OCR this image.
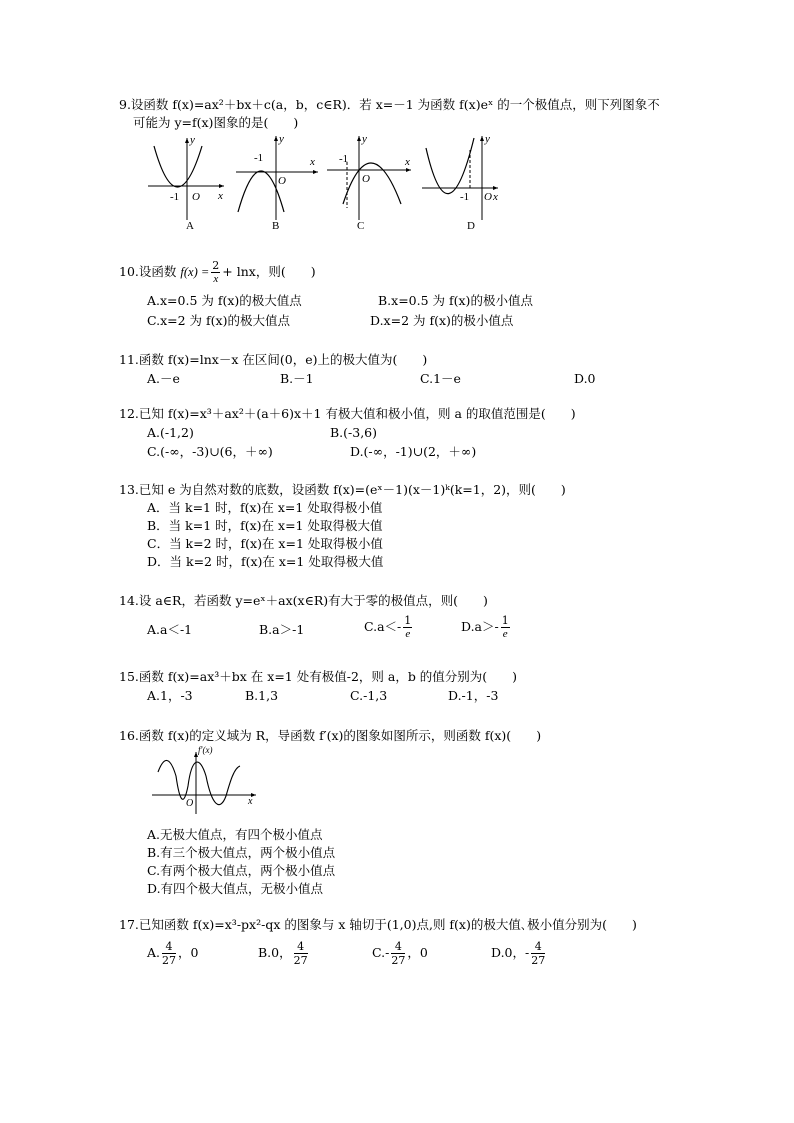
9.设函数 f(x)=ax²＋bx＋c(a，b，c∈R)．若 x=－1 为函数 f(x)eˣ 的一个极值点，则下列图象不
可能为 y=f(x)图象的是(　　)
y
x
O
-1
A
y
x
O
-1
B
y
x
O
-1
C
y
x
O
-1
D
10.设函数 $f(x) = \frac{2}{x} + \ln x$，则(　　)
A.x=0.5 为 f(x)的极大值点	B.x=0.5 为 f(x)的极小值点
C.x=2 为 f(x)的极大值点	D.x=2 为 f(x)的极小值点
11.函数 f(x)=lnx－x 在区间(0，e)上的极大值为(　　)
A.－e	B.－1	C.1－e	D.0
12.已知 f(x)=x³＋ax²＋(a＋6)x＋1 有极大值和极小值，则 a 的取值范围是(　　)
A.(-1,2)	B.(-3,6)
C.(-∞，-3)∪(6，＋∞)	D.(-∞，-1)∪(2，＋∞)
13.已知 e 为自然对数的底数，设函数 f(x)=(eˣ－1)(x－1)ᵏ(k=1，2)，则(　　)
A．当 k=1 时，f(x)在 x=1 处取得极小值
B．当 k=1 时，f(x)在 x=1 处取得极大值
C．当 k=2 时，f(x)在 x=1 处取得极小值
D．当 k=2 时，f(x)在 x=1 处取得极大值
14.设 a∈R，若函数 y=eˣ＋ax(x∈R)有大于零的极值点，则(　　)
A.a＜-1	B.a＞-1	$C.a<- \frac{1}{e}$	$D.a>- \frac{1}{e}$
15.函数 f(x)=ax³＋bx 在 x=1 处有极值-2，则 a，b 的值分别为(　　)
A.1，-3	B.1,3	C.-1,3	D.-1，-3
16.函数 f(x)的定义域为 R，导函数 f′(x)的图象如图所示，则函数 f(x)(　　)
f′(x)
O	x
A.无极大值点，有四个极小值点
B.有三个极大值点，两个极小值点
C.有两个极大值点，两个极小值点
D.有四个极大值点，无极小值点
17.已知函数 f(x)=x³-px²-qx 的图象与 x 轴切于(1,0)点,则 f(x)的极大值､极小值分别为(　　)
A. $\frac{4}{27}$ ，0	B.0， $\frac{4}{27}$	$C.- \frac{4}{27}$ ，0	D.0，- $\frac{4}{27}$
